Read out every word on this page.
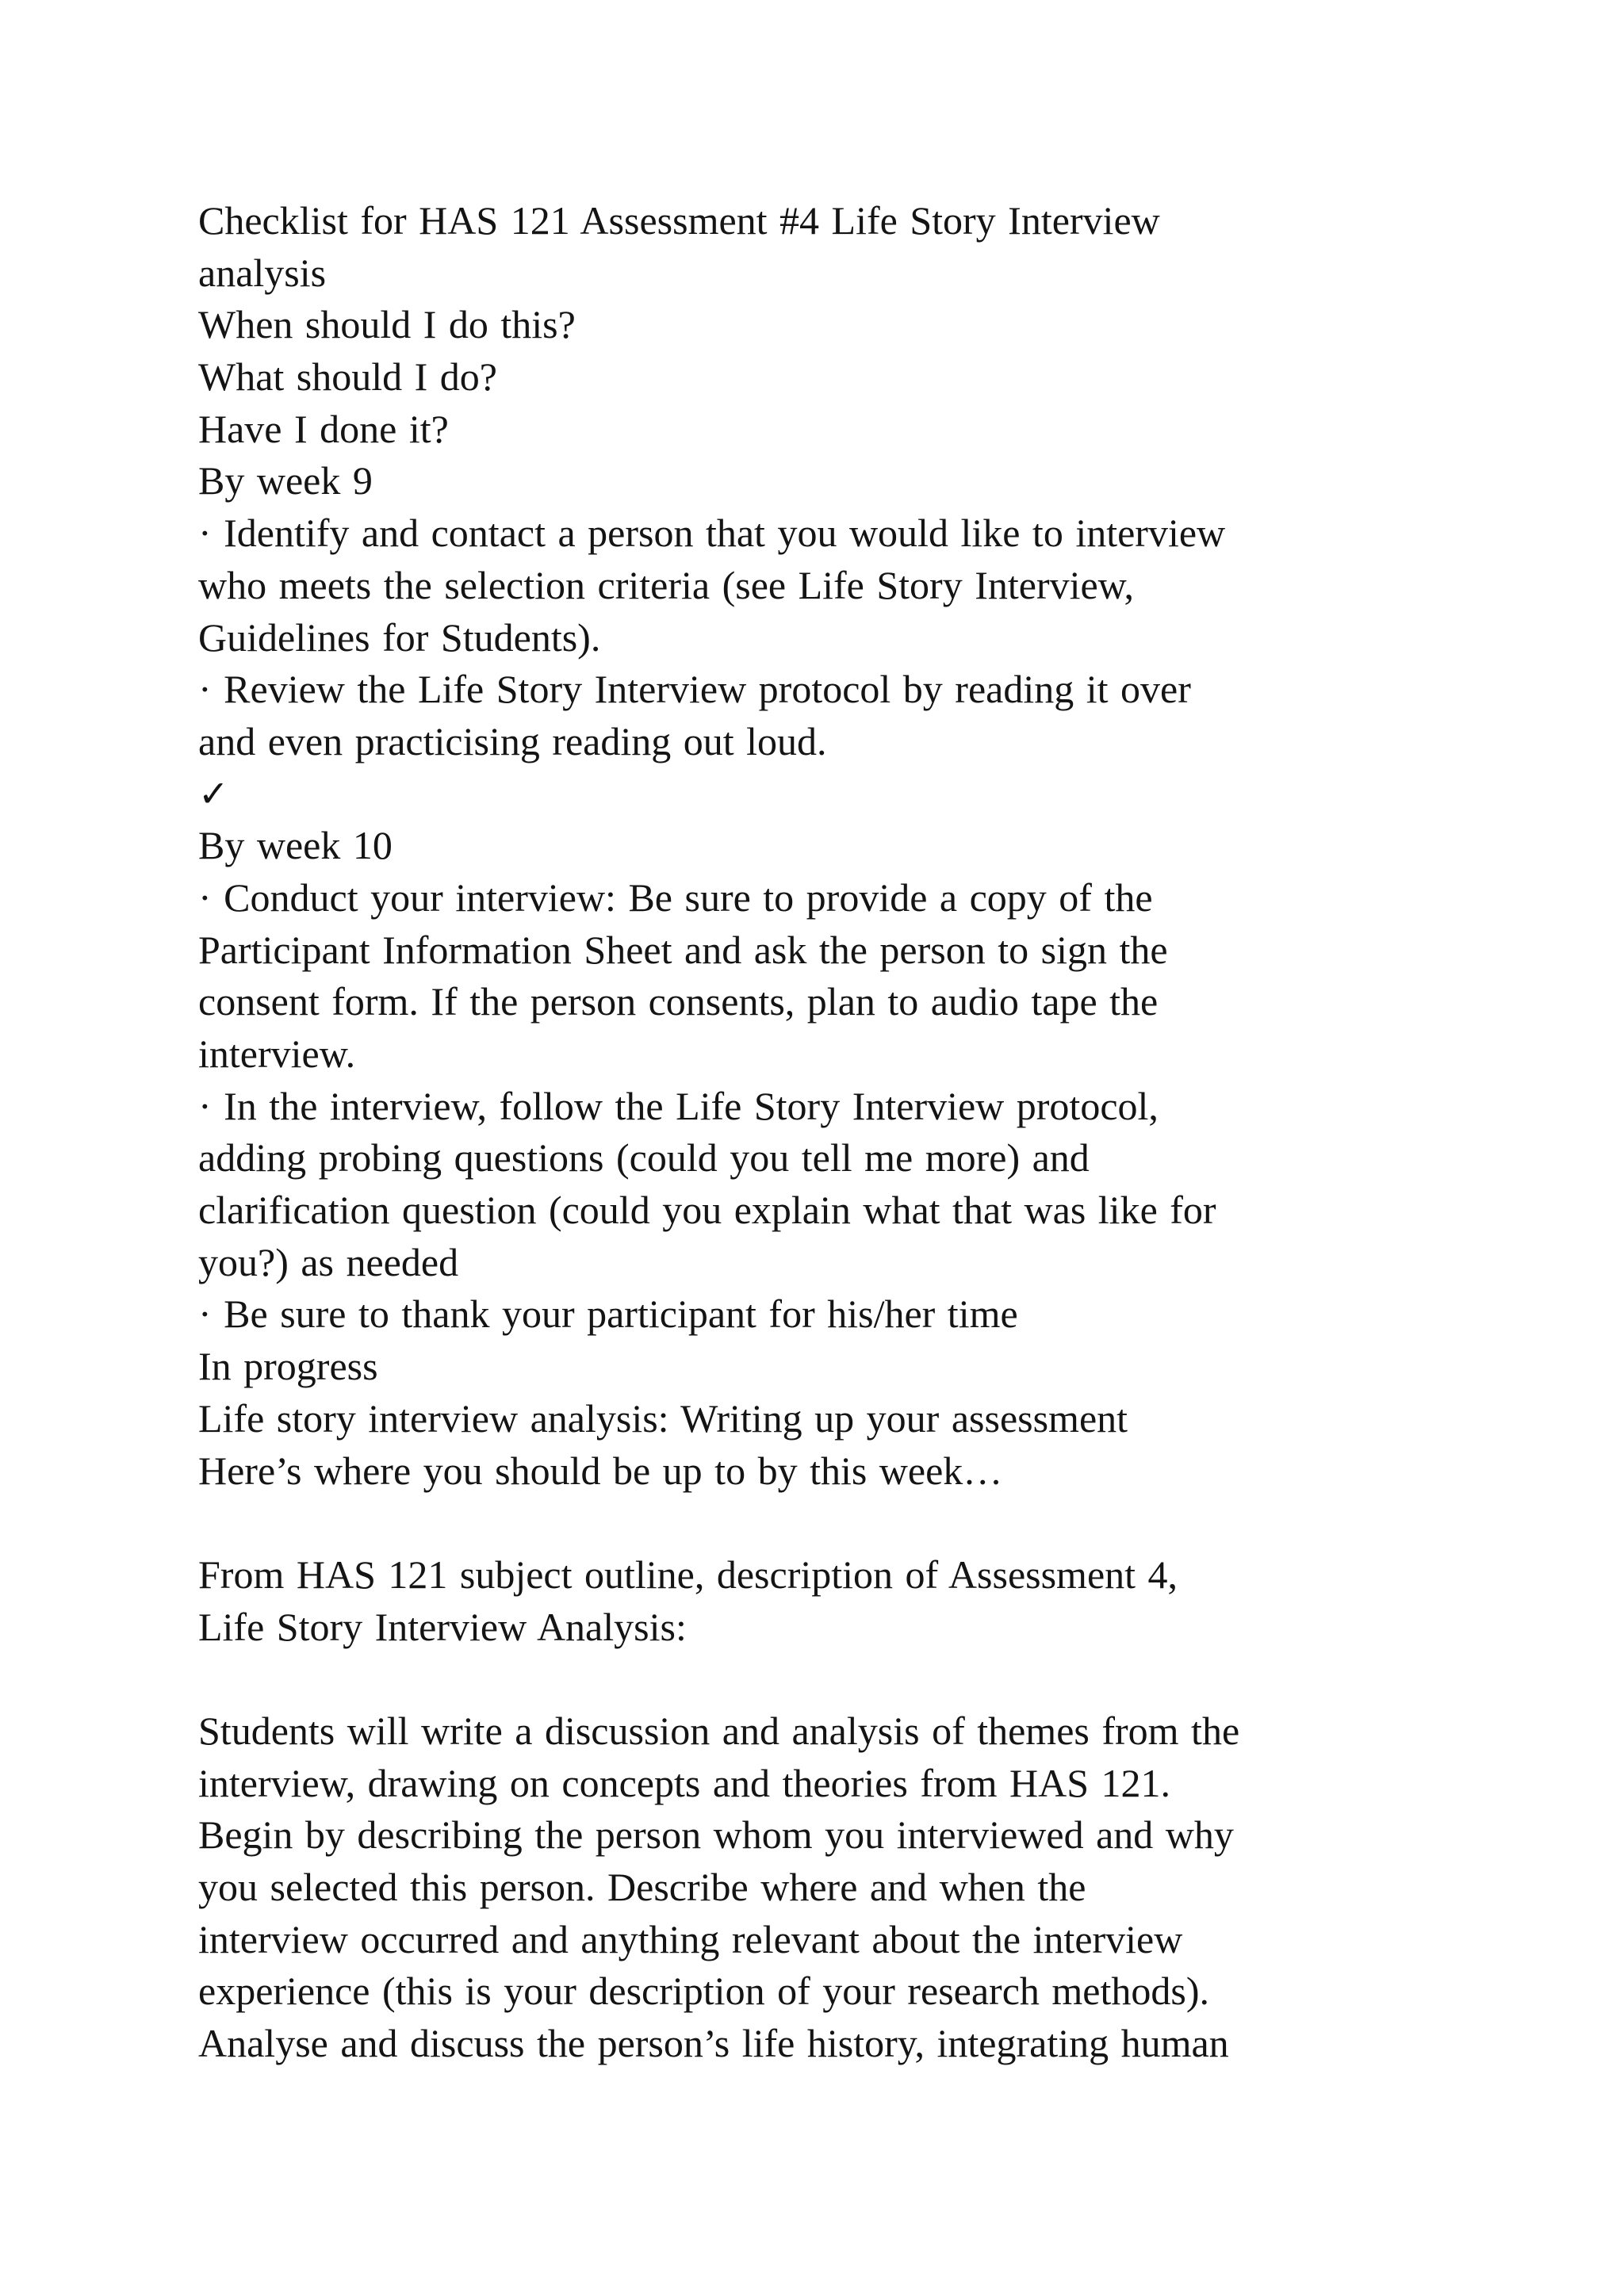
Checklist for HAS 121 Assessment #4 Life Story Interview
analysis
When should I do this?
What should I do?
Have I done it?
By week 9
· Identify and contact a person that you would like to interview
who meets the selection criteria (see Life Story Interview,
Guidelines for Students).
· Review the Life Story Interview protocol by reading it over
and even practicising reading out loud.
✓
By week 10
· Conduct your interview: Be sure to provide a copy of the
Participant Information Sheet and ask the person to sign the
consent form. If the person consents, plan to audio tape the
interview.
· In the interview, follow the Life Story Interview protocol,
adding probing questions (could you tell me more) and
clarification question (could you explain what that was like for
you?) as needed
· Be sure to thank your participant for his/her time
In progress
Life story interview analysis: Writing up your assessment
Here’s where you should be up to by this week…
From HAS 121 subject outline, description of Assessment 4,
Life Story Interview Analysis:
Students will write a discussion and analysis of themes from the
interview, drawing on concepts and theories from HAS 121.
Begin by describing the person whom you interviewed and why
you selected this person. Describe where and when the
interview occurred and anything relevant about the interview
experience (this is your description of your research methods).
Analyse and discuss the person’s life history, integrating human
